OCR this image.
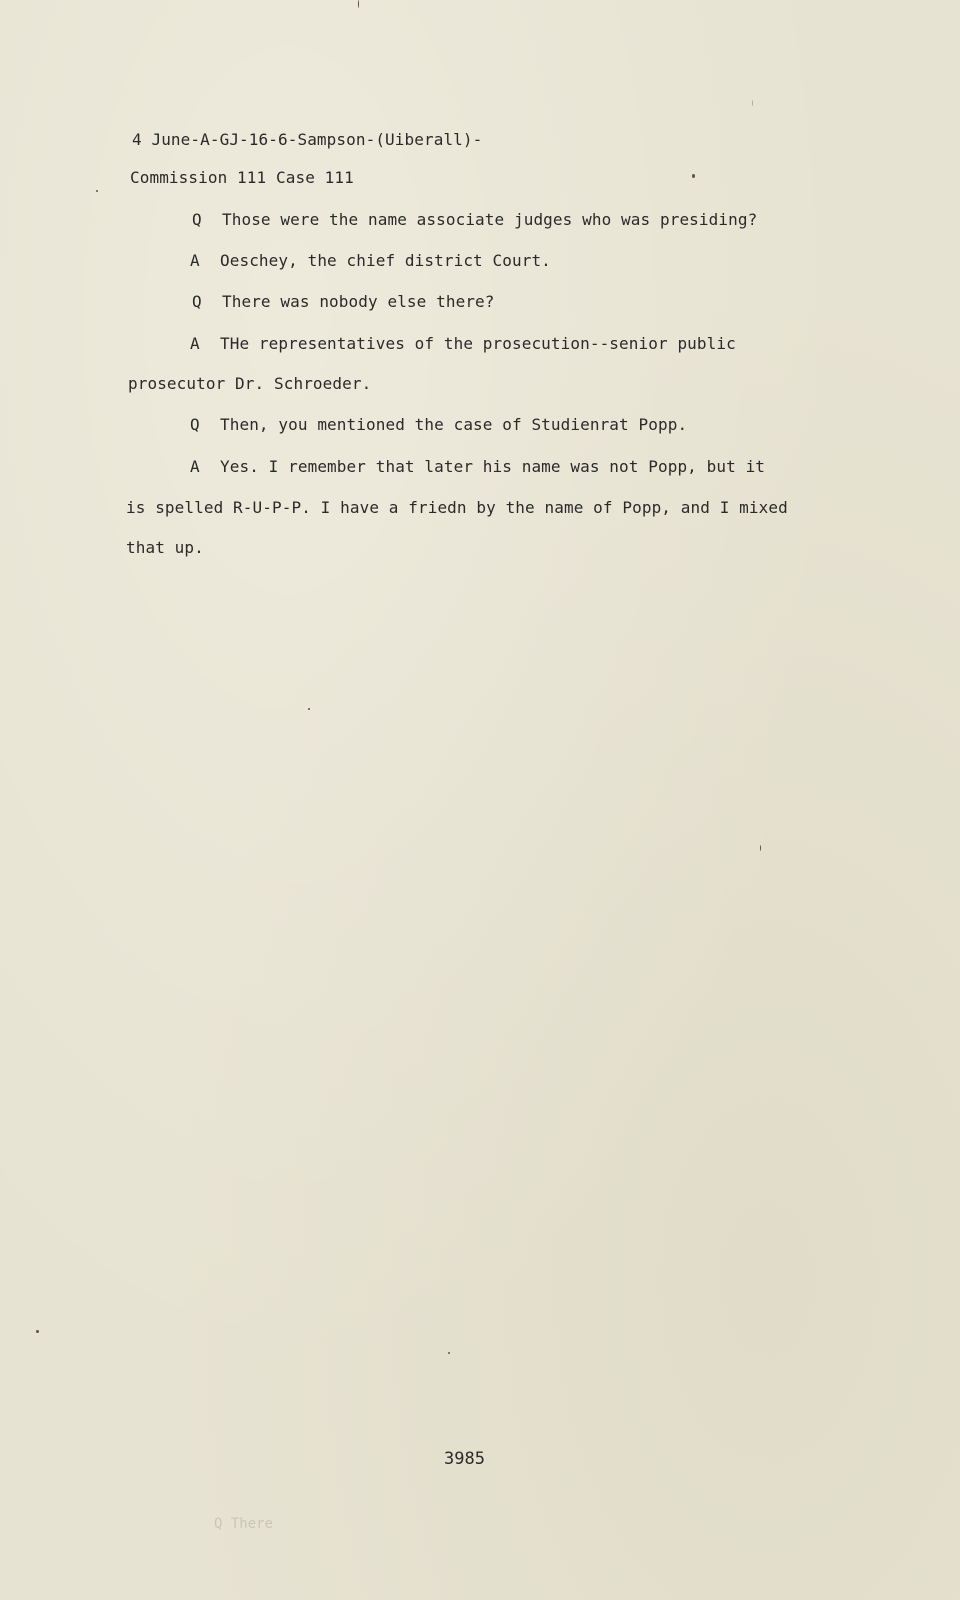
4 June-A-GJ-16-6-Sampson-(Uiberall)-
Commission 111 Case 111
Q Those were the name associate judges who was presiding?
A Oeschey, the chief district Court.
Q There was nobody else there?
A THe representatives of the prosecution--senior public
prosecutor Dr. Schroeder.
Q Then, you mentioned the case of Studienrat Popp.
A Yes. I remember that later his name was not Popp, but it
is spelled R-U-P-P. I have a friedn by the name of Popp, and I mixed
that up.
3985
Q There
